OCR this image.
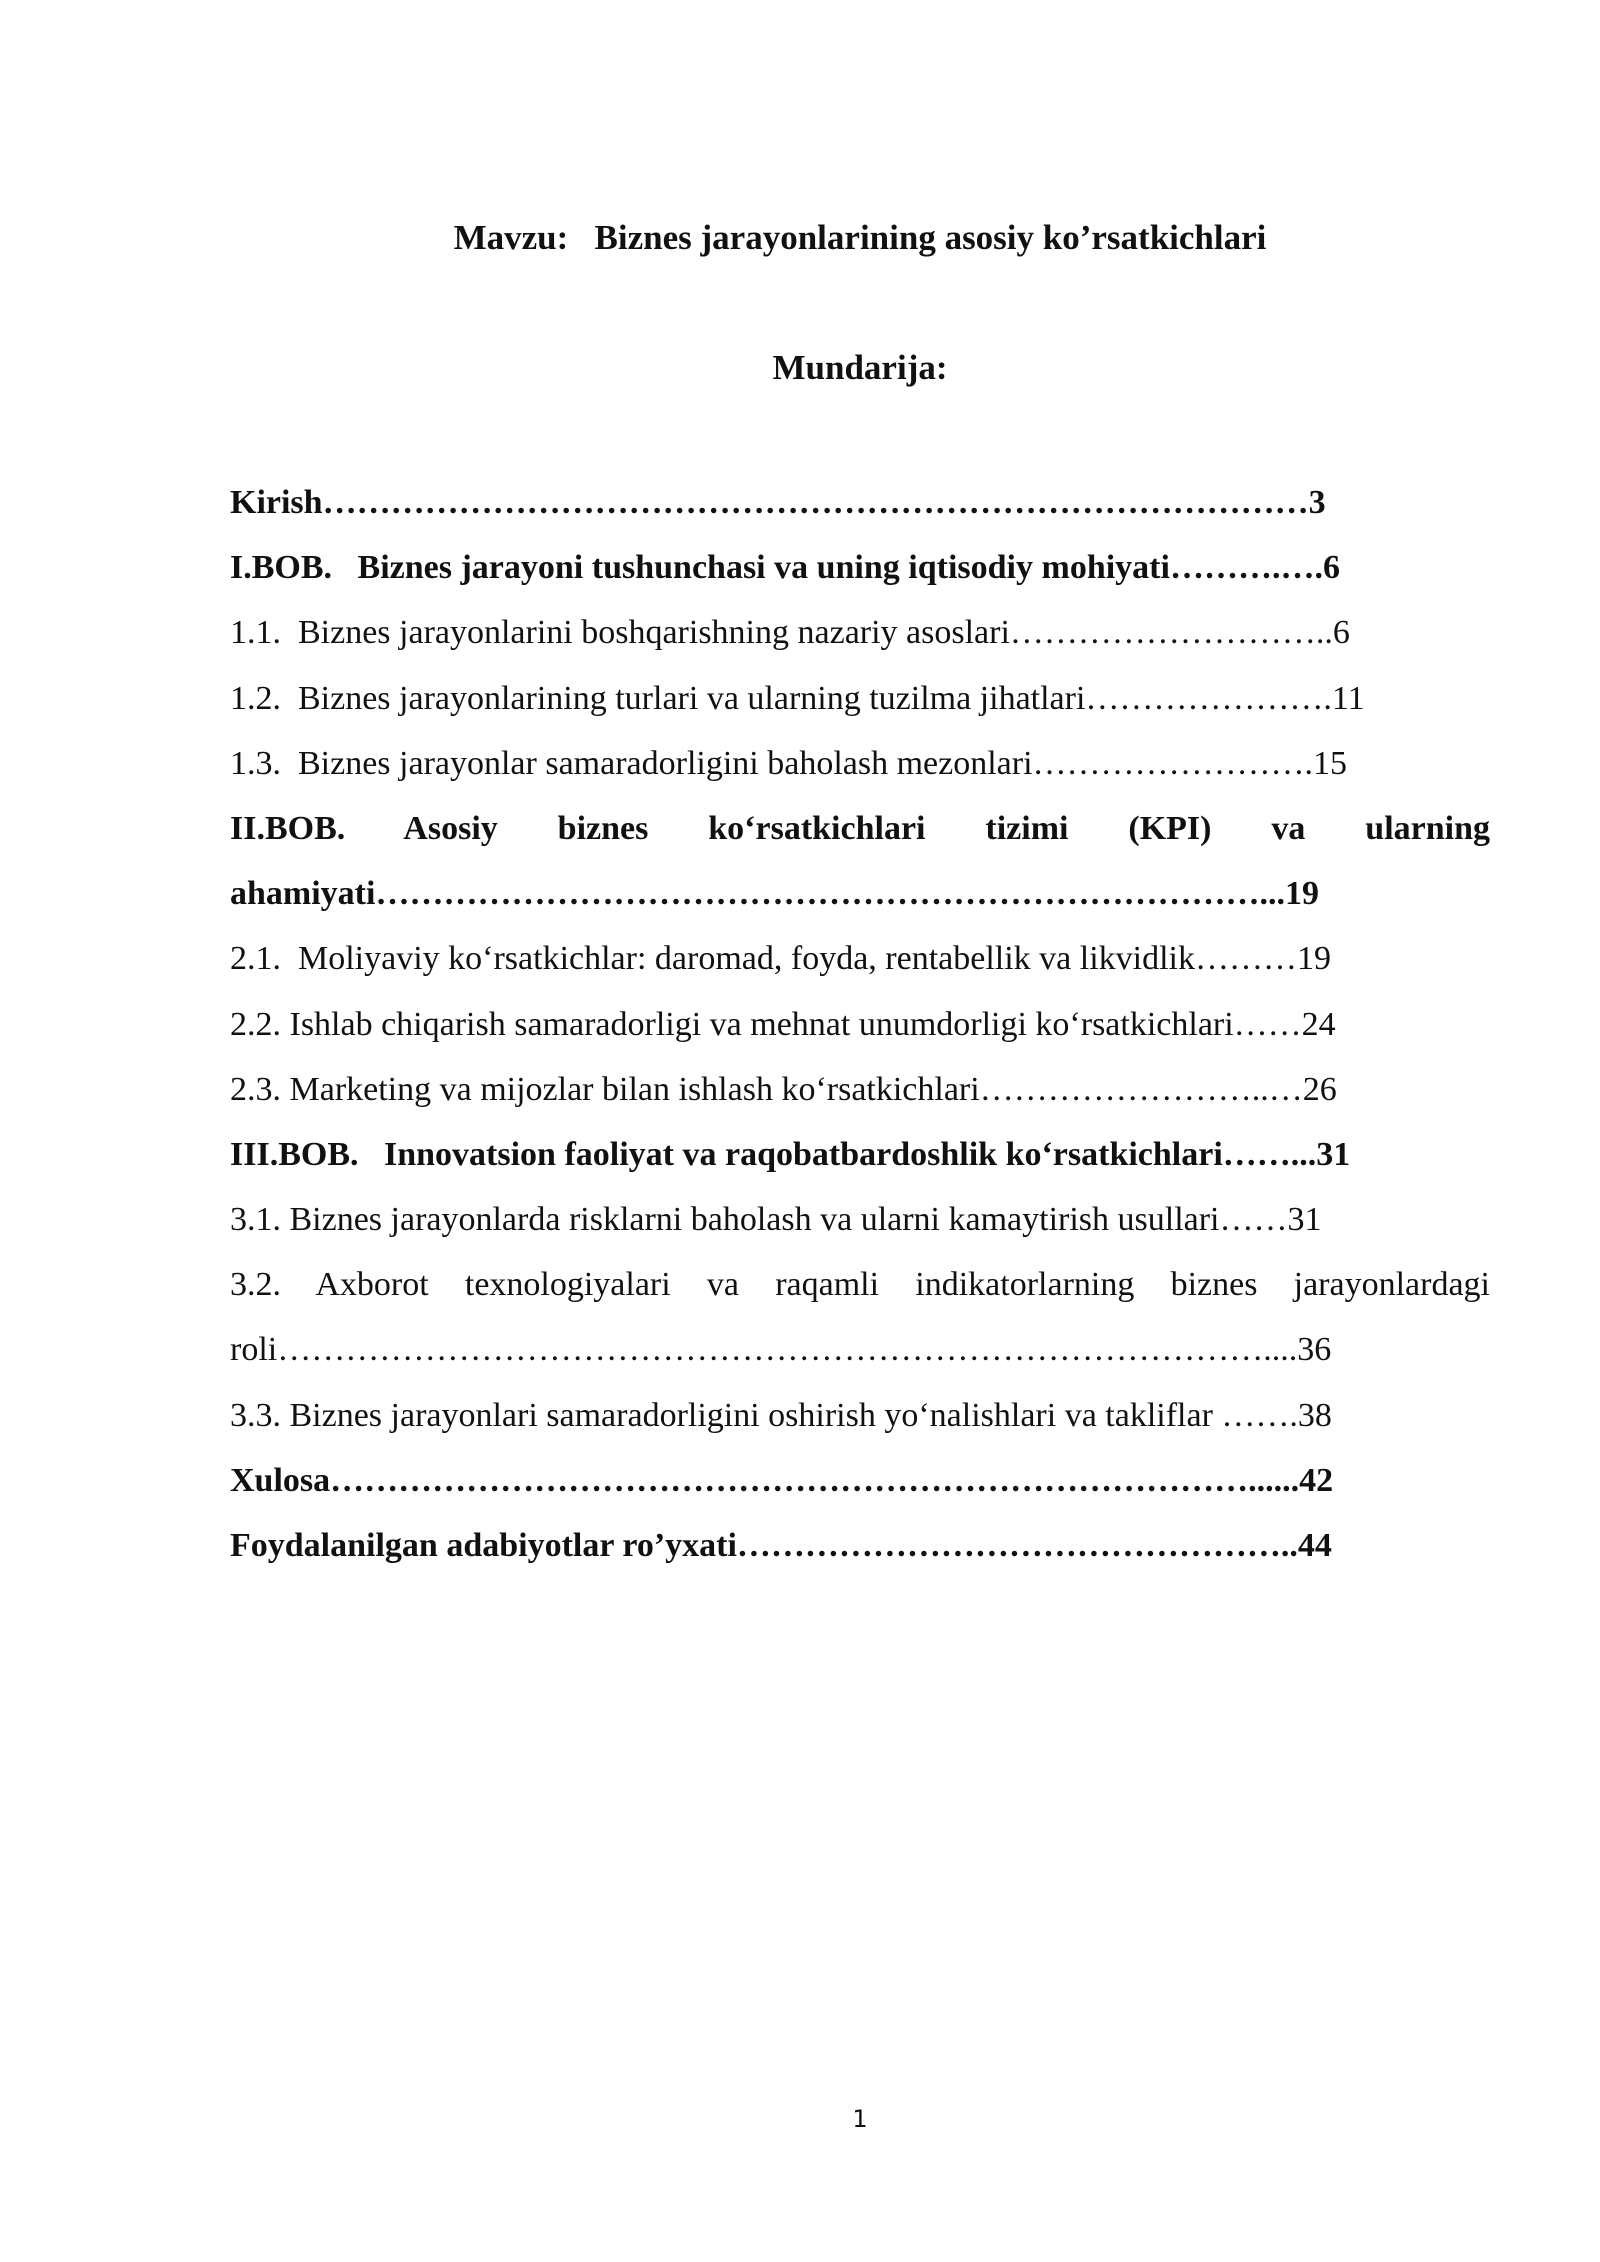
Mavzu:   Biznes jarayonlarining asosiy ko’rsatkichlari
Mundarija:
Kirish……………………………………………………………………………3
I.BOB.   Biznes jarayoni tushunchasi va uning iqtisodiy mohiyati……….….6
1.1.  Biznes jarayonlarini boshqarishning nazariy asoslari………………………..6
1.2.  Biznes jarayonlarining turlari va ularning tuzilma jihatlari………………….11
1.3.  Biznes jarayonlar samaradorligini baholash mezonlari…………………….15
II.BOB. Asosiy biznes ko‘rsatkichlari tizimi (KPI) va ularning
ahamiyati……………………………………………………………………...19
2.1.  Moliyaviy ko‘rsatkichlar: daromad, foyda, rentabellik va likvidlik………19
2.2. Ishlab chiqarish samaradorligi va mehnat unumdorligi ko‘rsatkichlari……24
2.3. Marketing va mijozlar bilan ishlash ko‘rsatkichlari……………………..…26
III.BOB.   Innovatsion faoliyat va raqobatbardoshlik ko‘rsatkichlari……...31
3.1. Biznes jarayonlarda risklarni baholash va ularni kamaytirish usullari……31
3.2. Axborot texnologiyalari va raqamli indikatorlarning biznes jarayonlardagi
roli……………………………………………………………………………....36
3.3. Biznes jarayonlari samaradorligini oshirish yo‘nalishlari va takliflar …….38
Xulosa………………………………………………………………………......42
Foydalanilgan adabiyotlar ro’yxati…………………………………………..44
1
